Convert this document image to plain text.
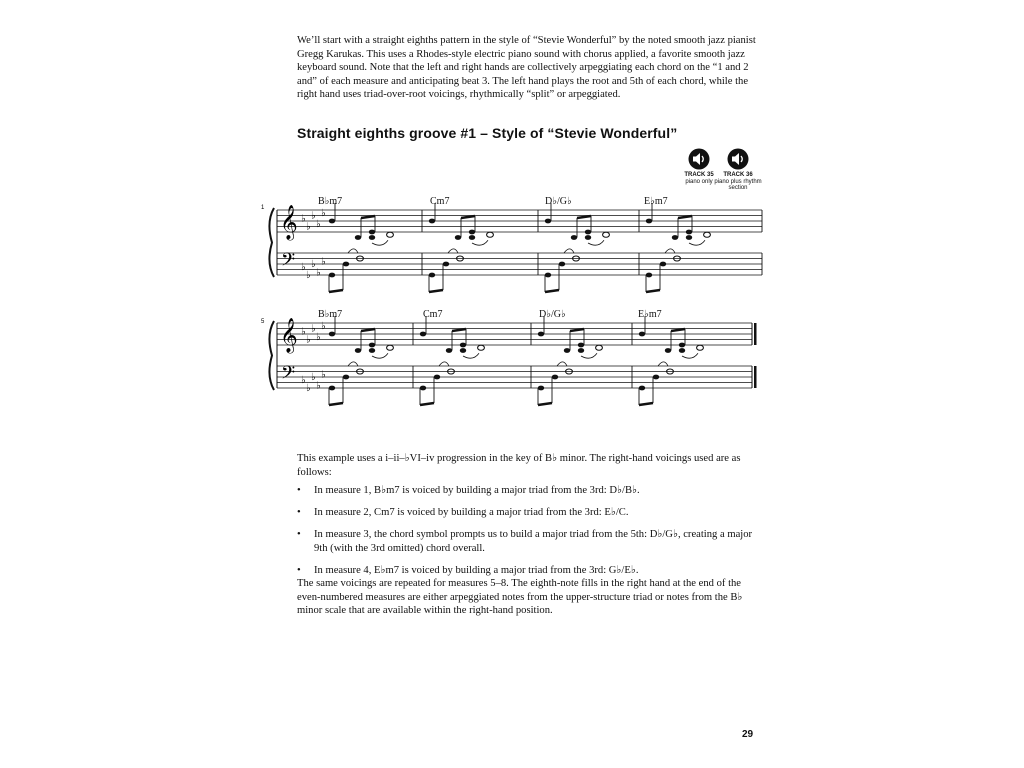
We’ll start with a straight eighths pattern in the style of “Stevie Wonderful” by the noted smooth jazz pianist Gregg Karukas. This uses a Rhodes-style electric piano sound with chorus applied, a favorite smooth jazz keyboard sound. Note that the left and right hands are collectively arpeggiating each chord on the “1 and 2 and” of each measure and anticipating beat 3. The left hand plays the root and 5th of each chord, while the right hand uses triad-over-root voicings, rhythmically “split” or arpeggiated.

Straight eighths groove #1 – Style of “Stevie Wonderful”
TRACK 35
piano only
TRACK 36
piano plus rhythm section
B♭m7	Cm7	D♭/G♭	E♭m7
B♭m7	Cm7	D♭/G♭	E♭m7
1
5
𝄞
𝄢
♭
♭
♭
♭
♭
♭
♭
♭
♭
♭
𝄞
𝄢
♭
♭
♭
♭
♭
♭
♭
♭
♭
♭

This example uses a i–ii–♭VI–iv progression in the key of B♭ minor. The right-hand voicings used are as follows:

• In measure 1, B♭m7 is voiced by building a major triad from the 3rd: D♭/B♭.
• In measure 2, Cm7 is voiced by building a major triad from the 3rd: E♭/C.
• In measure 3, the chord symbol prompts us to build a major triad from the 5th: D♭/G♭, creating a major 9th (with the 3rd omitted) chord overall.
• In measure 4, E♭m7 is voiced by building a major triad from the 3rd: G♭/E♭.

The same voicings are repeated for measures 5–8. The eighth-note fills in the right hand at the end of the even-numbered measures are either arpeggiated notes from the upper-structure triad or notes from the B♭ minor scale that are available within the right-hand position.

29
